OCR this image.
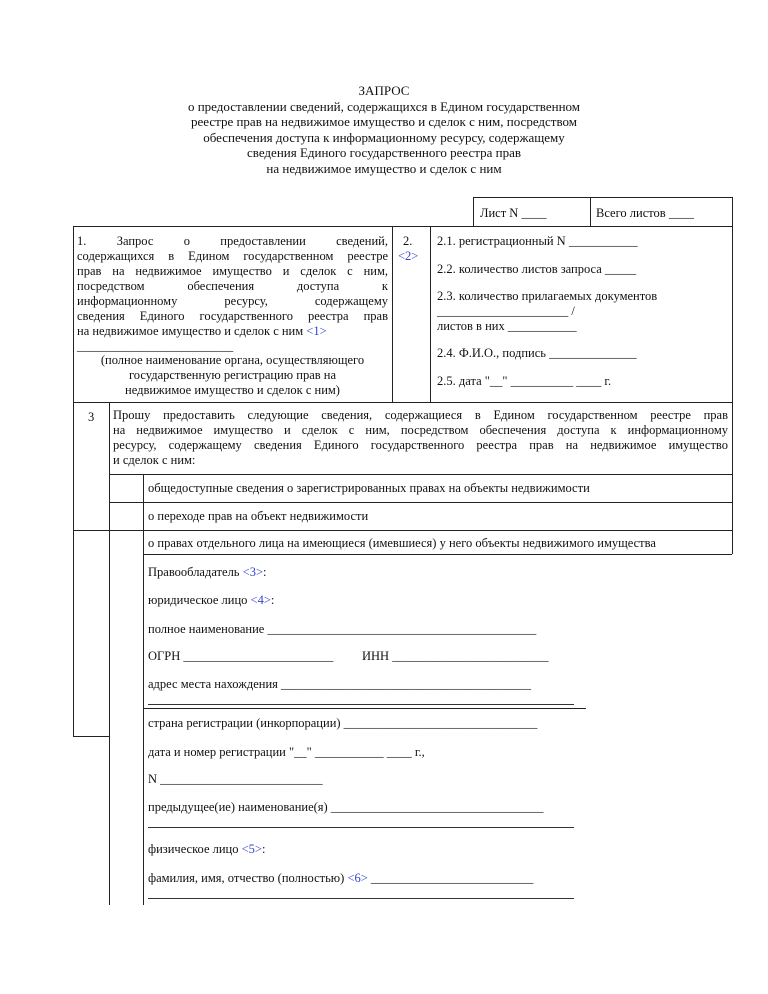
ЗАПРОС
о предоставлении сведений, содержащихся в Едином государственном
реестре прав на недвижимое имущество и сделок с ним, посредством
обеспечения доступа к информационному ресурсу, содержащему
сведения Единого государственного реестра прав
на недвижимое имущество и сделок с ним
Лист N ____	Всего листов ____
1. Запрос о предоставлении сведений,
содержащихся в Едином государственном реестре
прав на недвижимое имущество и сделок с ним,
посредством обеспечения доступа к
информационному ресурсу, содержащему
сведения Единого государственного реестра прав
на недвижимое имущество и сделок с ним <1>
_________________________
(полное наименование органа, осуществляющего
государственную регистрацию прав на
недвижимое имущество и сделок с ним)
2.
<2>
2.1. регистрационный N ___________
2.2. количество листов запроса _____
2.3. количество прилагаемых документов
_____________________ /
листов в них ___________
2.4. Ф.И.О., подпись ______________
2.5. дата "__" __________ ____ г.
3 Прошу предоставить следующие сведения, содержащиеся в Едином государственном реестре прав
на недвижимое имущество и сделок с ним, посредством обеспечения доступа к информационному
ресурсу, содержащему сведения Единого государственного реестра прав на недвижимое имущество
и сделок с ним:
общедоступные сведения о зарегистрированных правах на объекты недвижимости
о переходе прав на объект недвижимости
о правах отдельного лица на имеющиеся (имевшиеся) у него объекты недвижимого имущества
Правообладатель <3>:
юридическое лицо <4>:
полное наименование ___________________________________________
ОГРН ________________________ ИНН _________________________
адрес места нахождения ________________________________________
страна регистрации (инкорпорации) _______________________________
дата и номер регистрации "__" ___________ ____ г.,
N __________________________
предыдущее(ие) наименование(я) __________________________________
физическое лицо <5>:
фамилия, имя, отчество (полностью) <6> __________________________
